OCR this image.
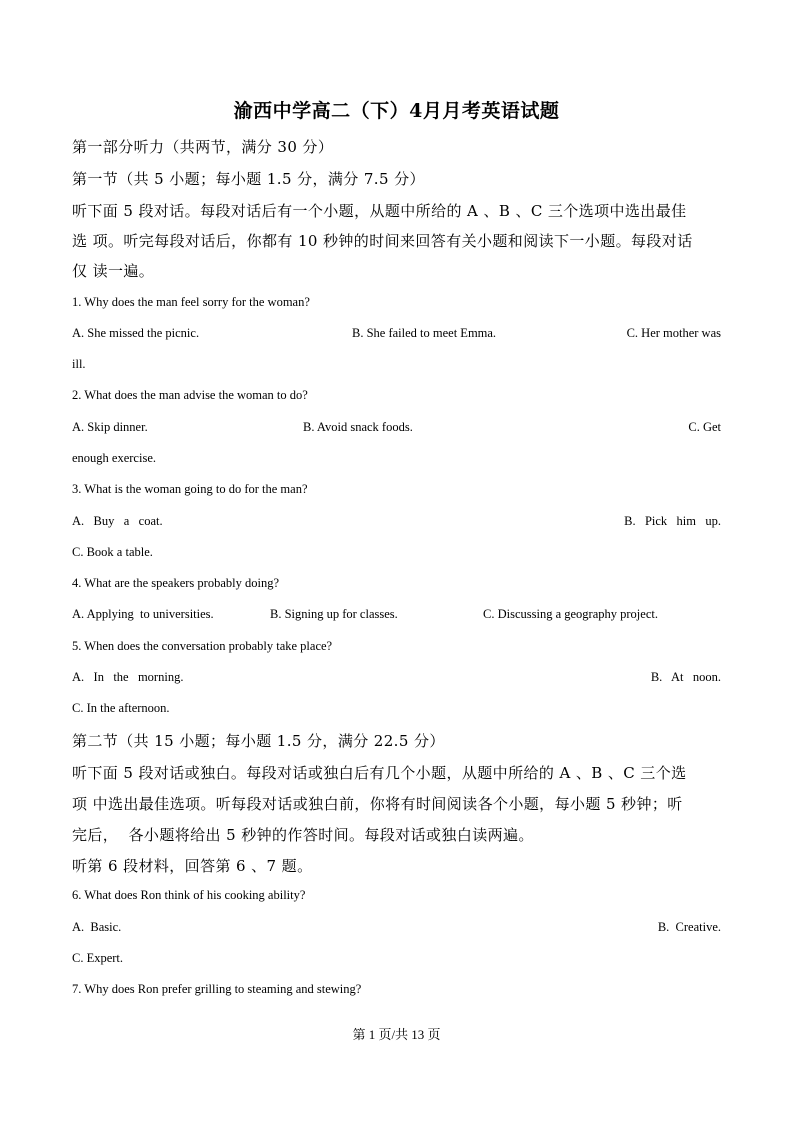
渝西中学高二（下）4月月考英语试题
第一部分听力（共两节，满分 30 分）
第一节（共 5 小题；每小题 1.5 分，满分 7.5 分）
听下面 5 段对话。每段对话后有一个小题，从题中所给的 A 、B 、C 三个选项中选出最佳
选 项。听完每段对话后，你都有 10 秒钟的时间来回答有关小题和阅读下一小题。每段对话
仅 读一遍。
1. Why does the man feel sorry for the woman?
A. She missed the picnic.	B. She failed to meet Emma.	C. Her mother was
ill.
2. What does the man advise the woman to do?
A. Skip dinner.	B. Avoid snack foods.	C. Get
enough exercise.
3. What is the woman going to do for the man?
A.   Buy   a   coat.	B.   Pick   him   up.
C. Book a table.
4. What are the speakers probably doing?
A. Applying  to universities.	B. Signing up for classes.	C. Discussing a geography project.
5. When does the conversation probably take place?
A.   In   the   morning.	B.   At   noon.
C. In the afternoon.
第二节（共 15 小题；每小题 1.5 分，满分 22.5 分）
听下面 5 段对话或独白。每段对话或独白后有几个小题，从题中所给的 A 、B 、C 三个选
项 中选出最佳选项。听每段对话或独白前，你将有时间阅读各个小题，每小题 5 秒钟；听
完后，  各小题将给出 5 秒钟的作答时间。每段对话或独白读两遍。
听第 6 段材料，回答第 6 、7 题。
6. What does Ron think of his cooking ability?
A.  Basic.	B.  Creative.
C. Expert.
7. Why does Ron prefer grilling to steaming and stewing?
第 1 页/共 13 页
